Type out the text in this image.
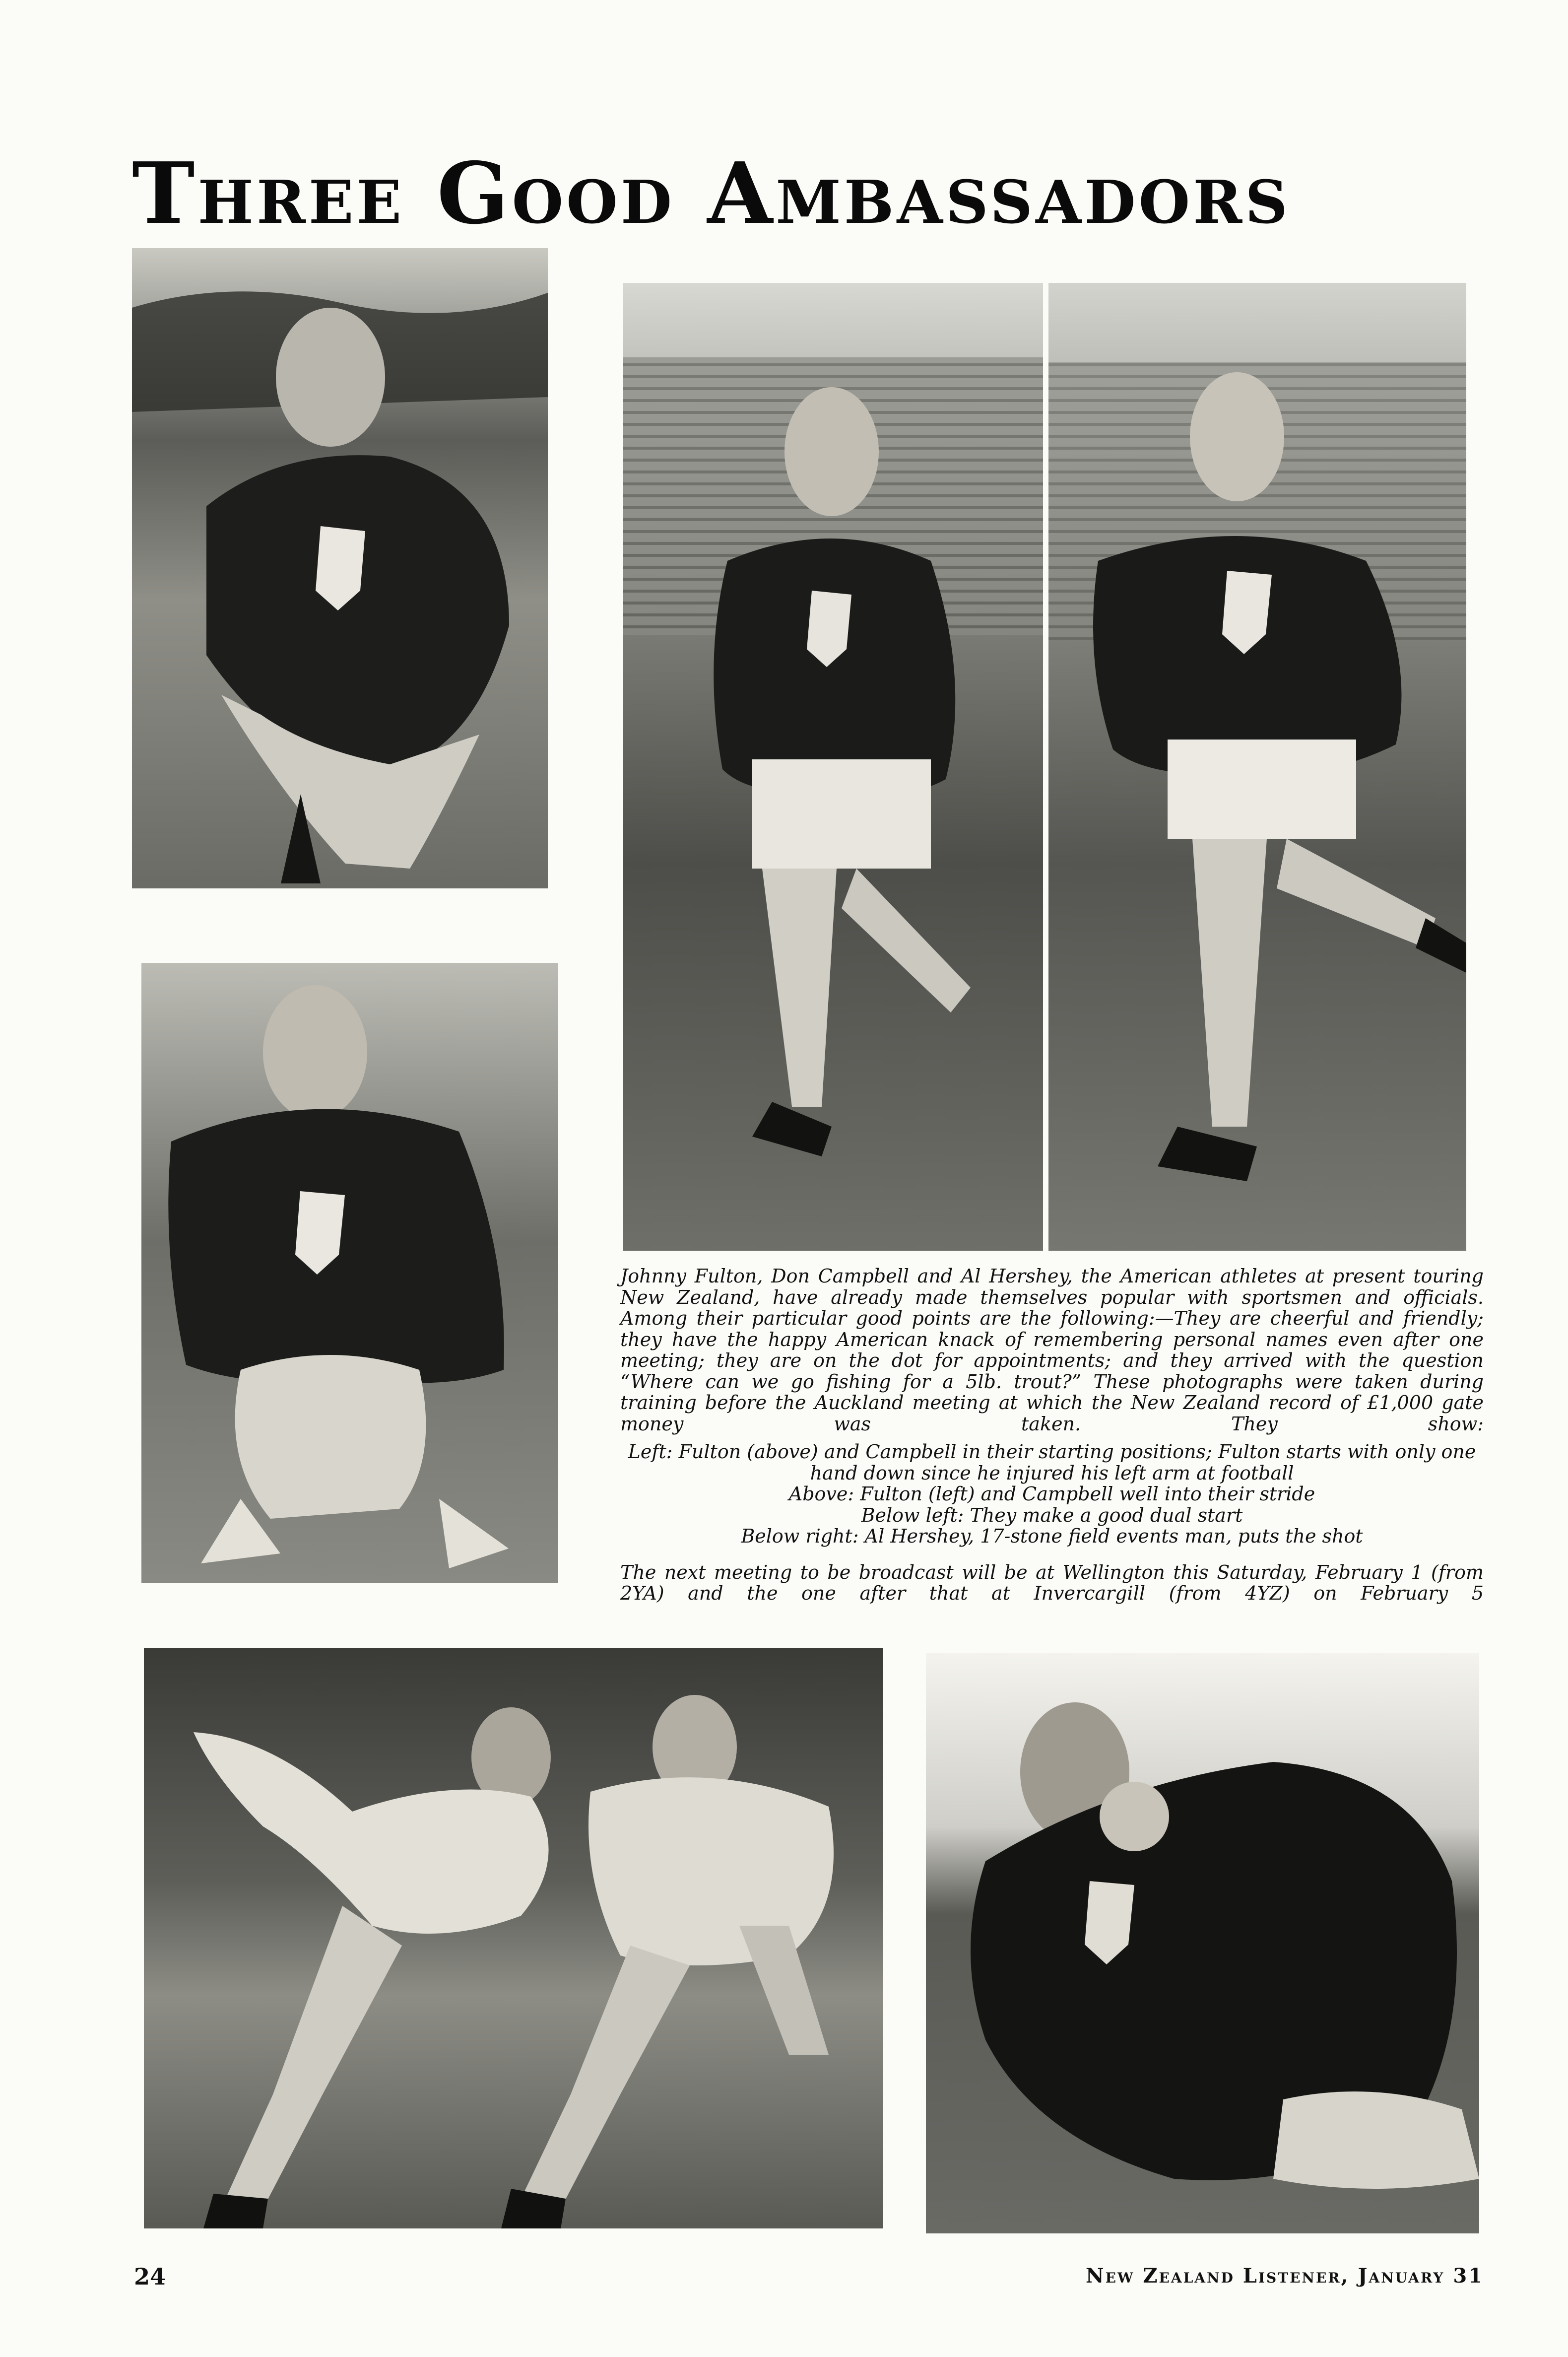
Three Good Ambassadors

Johnny Fulton, Don Campbell and Al Hershey, the American athletes at present touring New Zealand, have already made themselves popular with sportsmen and officials. Among their particular good points are the following:—They are cheerful and friendly; they have the happy American knack of remembering personal names even after one meeting; they are on the dot for appointments; and they arrived with the question “Where can we go fishing for a 5lb. trout?” These photographs were taken during training before the Auckland meeting at which the New Zealand record of £1,000 gate money was taken. They show:

Left: Fulton (above) and Campbell in their starting positions; Fulton starts with only one hand down since he injured his left arm at football

Above: Fulton (left) and Campbell well into their stride

Below left: They make a good dual start

Below right: Al Hershey, 17-stone field events man, puts the shot

The next meeting to be broadcast will be at Wellington this Saturday, February 1 (from 2YA) and the one after that at Invercargill (from 4YZ) on February 5

24	New Zealand Listener, January 31
